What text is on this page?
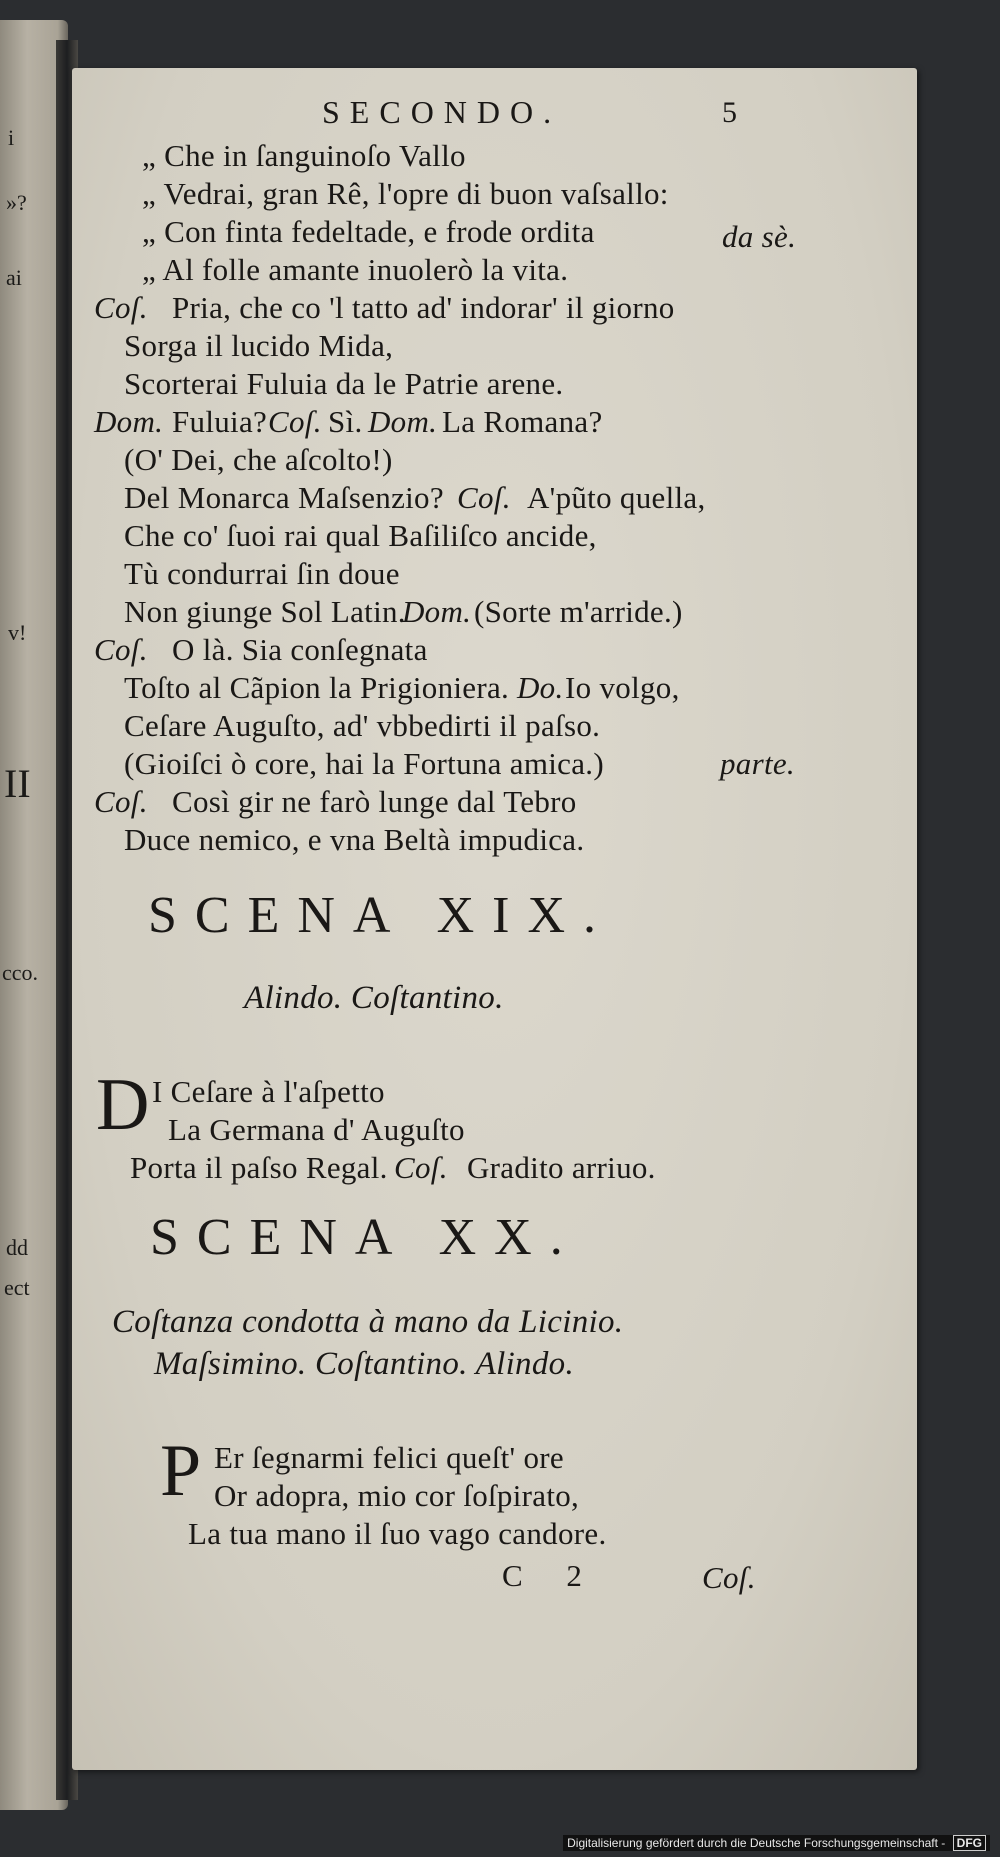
i
»?
ai
v!
II
cco.
dd
ect
SECONDO.	5
„ Che in ſanguinoſo Vallo
„ Vedrai, gran Rê, l'opre di buon vaſsallo:
„ Con finta fedeltade, e frode ordita	da sè.
„ Al folle amante inuolerò la vita.
Coſ. Pria, che co 'l tatto ad' indorar' il giorno
Sorga il lucido Mida,
Scorterai Fuluia da le Patrie arene.
Dom. Fuluia? Coſ. Sì. Dom. La Romana?
(O' Dei, che aſcolto!)
Del Monarca Maſsenzio? Coſ. A'pũto quella,
Che co' ſuoi rai qual Baſiliſco ancide,
Tù condurrai ſin doue
Non giunge Sol Latin.
Dom. (Sorte m'arride.)
Coſ. O là. Sia conſegnata
Toſto al Cãpion la Prigioniera. Do. Io volgo,
Ceſare Auguſto, ad' vbbedirti il paſso.
(Gioiſci ò core, hai la Fortuna amica.)	parte.
Coſ. Così gir ne farò lunge dal Tebro
Duce nemico, e vna Beltà impudica.
SCENA XIX.
Alindo. Coſtantino.
D I Ceſare à l'aſpetto
La Germana d' Auguſto
Porta il paſso Regal. Coſ. Gradito arriuo.
SCENA XX.
Coſtanza condotta à mano da Licinio.
Maſsimino. Coſtantino. Alindo.
P Er ſegnarmi felici queſt' ore
Or adopra, mio cor ſoſpirato,
La tua mano il ſuo vago candore.
C 2	Coſ.
Digitalisierung gefördert durch die Deutsche Forschungsgemeinschaft - DFG
